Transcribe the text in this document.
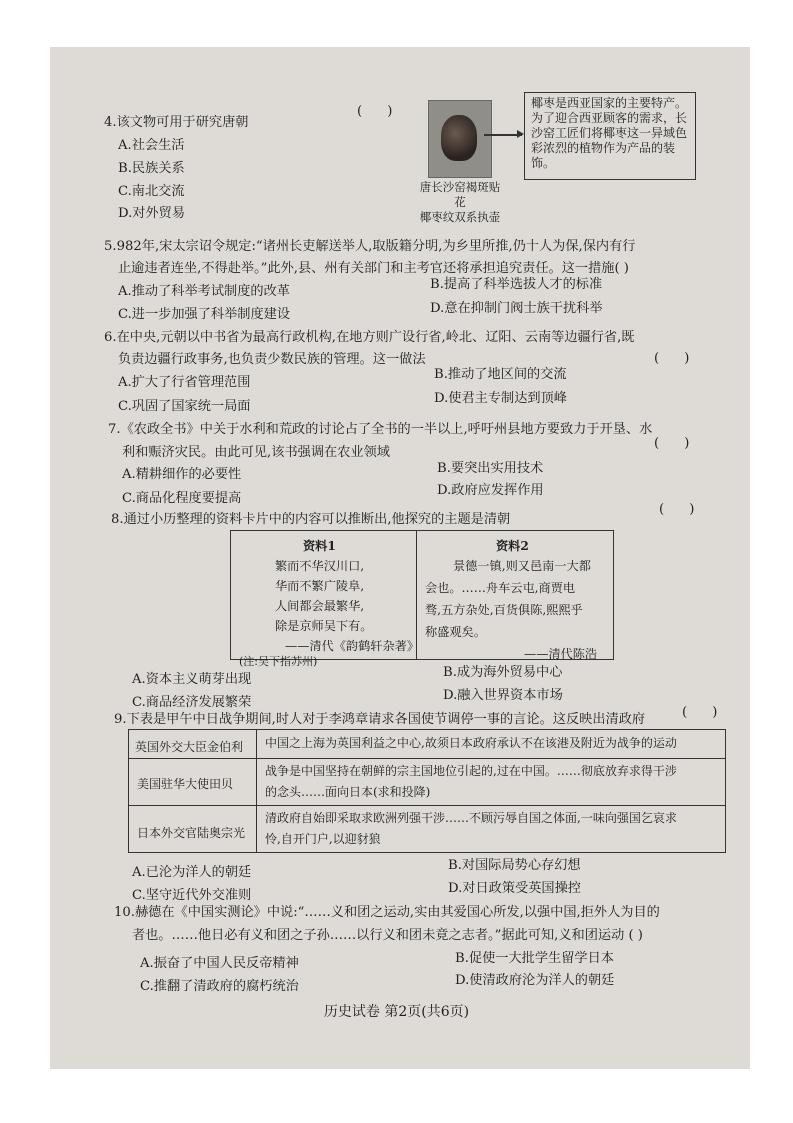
4.该文物可用于研究唐朝
(      )
A.社会生活
B.民族关系
C.南北交流
D.对外贸易
唐长沙窑褐斑贴花
椰枣纹双系执壶
椰枣是西亚国家的主要特产。为了迎合西亚顾客的需求，长沙窑工匠们将椰枣这一异域色彩浓烈的植物作为产品的装饰。
5.982年,宋太宗诏令规定:“诸州长吏解送举人,取版籍分明,为乡里所推,仍十人为保,保内有行
止逾违者连坐,不得赴举。”此外,县、州有关部门和主考官还将承担追究责任。这一措施( )
A.推动了科举考试制度的改革	B.提高了科举选拔人才的标准
C.进一步加强了科举制度建设	D.意在抑制门阀士族干扰科举
6.在中央,元朝以中书省为最高行政机构,在地方则广设行省,岭北、辽阳、云南等边疆行省,既
负责边疆行政事务,也负责少数民族的管理。这一做法	(      )
A.扩大了行省管理范围
B.推动了地区间的交流
C.巩固了国家统一局面
D.使君主专制达到顶峰
7.《农政全书》中关于水利和荒政的讨论占了全书的一半以上,呼吁州县地方要致力于开垦、水
利和赈济灾民。由此可见,该书强调在农业领域
(      )
A.精耕细作的必要性	B.要突出实用技术
C.商品化程度要提高
D.政府应发挥作用
8.通过小历整理的资料卡片中的内容可以推断出,他探究的主题是清朝
(      )
资料1
繁而不华汉川口,
华而不繁广陵阜,
人间都会最繁华,
除是京师吴下有。
——清代《韵鹤轩杂著》
(注:吴下指苏州)
资料2
景德一镇,则又邑南一大都
会也。……舟车云屯,商贾电
骛,五方杂处,百货俱陈,熙熙乎
称盛观矣。
——清代陈浩
A.资本主义萌芽出现	B.成为海外贸易中心
C.商品经济发展繁荣	D.融入世界资本市场
9.下表是甲午中日战争期间,时人对于李鸿章请求各国使节调停一事的言论。这反映出清政府	(      )
英国外交大臣金伯利 中国之上海为英国利益之中心,故须日本政府承认不在该港及附近为战争的运动
美国驻华大使田贝
战争是中国坚持在朝鲜的宗主国地位引起的,过在中国。……彻底放弃求得干涉
的念头……面向日本(求和投降)
日本外交官陆奥宗光
清政府自始即采取求欧洲列强干涉……不顾污辱自国之体面,一味向强国乞哀求
怜,自开门户,以迎豺狼
A.已沦为洋人的朝廷	B.对国际局势心存幻想
C.坚守近代外交准则	D.对日政策受英国操控
10.赫德在《中国实测论》中说:“……义和团之运动,实由其爱国心所发,以强中国,拒外人为目的
者也。……他日必有义和团之子孙……以行义和团未竟之志者。”据此可知,义和团运动 ( )
A.振奋了中国人民反帝精神	B.促使一大批学生留学日本
C.推翻了清政府的腐朽统治	D.使清政府沦为洋人的朝廷
历史试卷 第2页(共6页)
